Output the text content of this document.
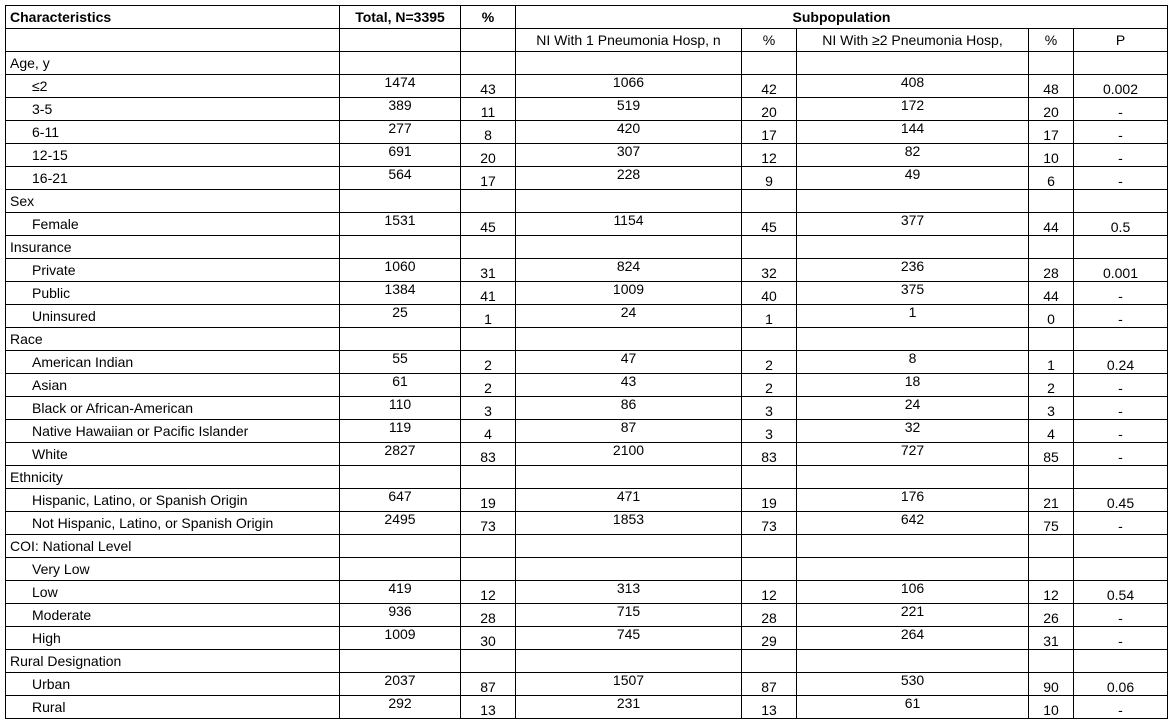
Characteristics	Total, N=3395	%	Subpopulation				
			NI With 1 Pneumonia Hosp, n	%	NI With ≥2 Pneumonia Hosp,	%	P
Age, y							
≤2	1474	43	1066	42	408	48	0.002
3-5	389	11	519	20	172	20	-
6-11	277	8	420	17	144	17	-
12-15	691	20	307	12	82	10	-
16-21	564	17	228	9	49	6	-
Sex							
Female	1531	45	1154	45	377	44	0.5
Insurance							
Private	1060	31	824	32	236	28	0.001
Public	1384	41	1009	40	375	44	-
Uninsured	25	1	24	1	1	0	-
Race							
American Indian	55	2	47	2	8	1	0.24
Asian	61	2	43	2	18	2	-
Black or African-American	110	3	86	3	24	3	-
Native Hawaiian or Pacific Islander	119	4	87	3	32	4	-
White	2827	83	2100	83	727	85	-
Ethnicity							
Hispanic, Latino, or Spanish Origin	647	19	471	19	176	21	0.45
Not Hispanic, Latino, or Spanish Origin	2495	73	1853	73	642	75	-
COI: National Level							
Very Low							
Low	419	12	313	12	106	12	0.54
Moderate	936	28	715	28	221	26	-
High	1009	30	745	29	264	31	-
Rural Designation							
Urban	2037	87	1507	87	530	90	0.06
Rural	292	13	231	13	61	10	-
